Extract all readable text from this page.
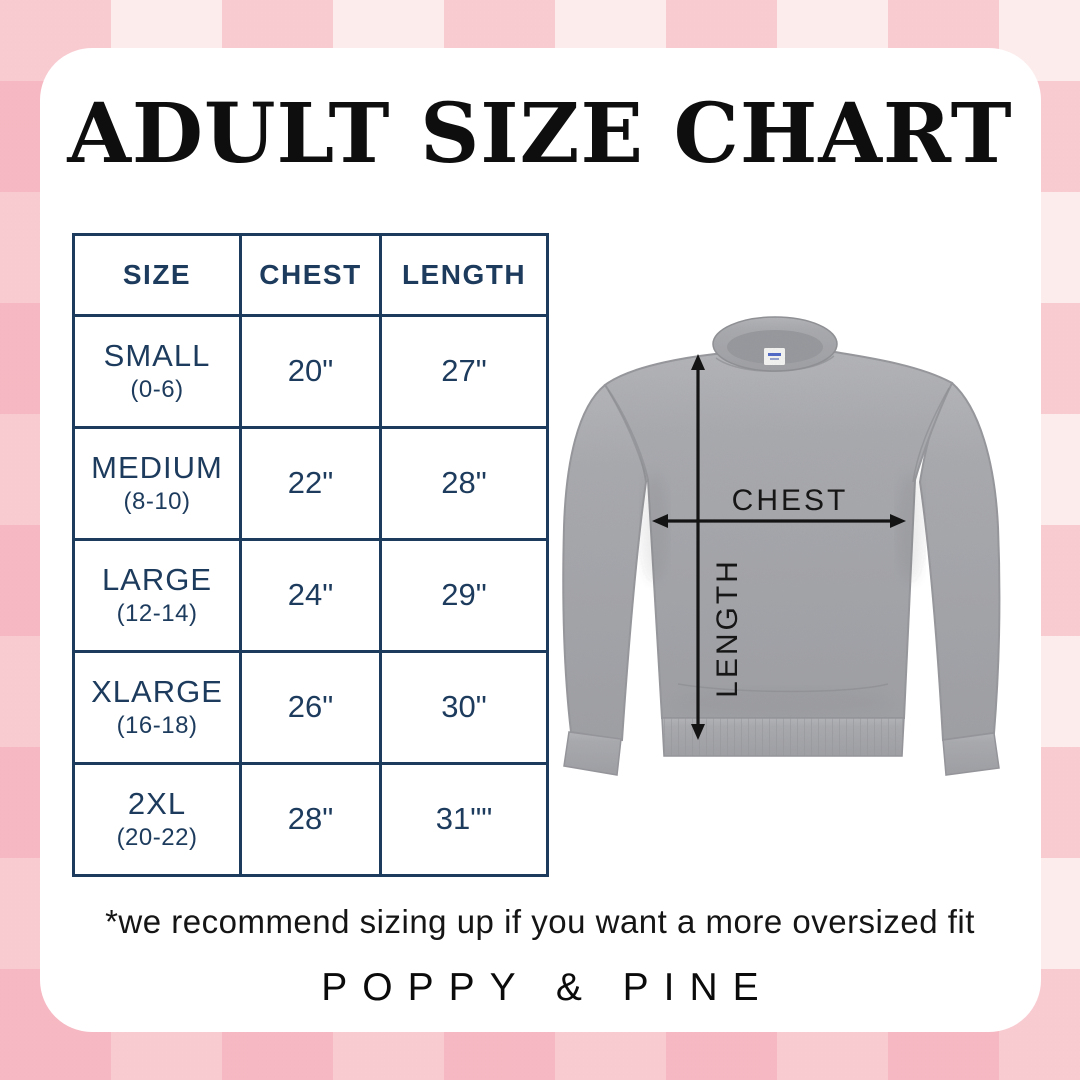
ADULT SIZE CHART
SIZE	CHEST	LENGTH
SMALL
(0-6)
20"	27"
MEDIUM
(8-10)
22"	28"
LARGE
(12-14)
24"	29"
XLARGE
(16-18)
26"	30"
2XL
(20-22)
28"	31""
CHEST
LENGTH
*we recommend sizing up if you want a more oversized fit
POPPY & PINE
